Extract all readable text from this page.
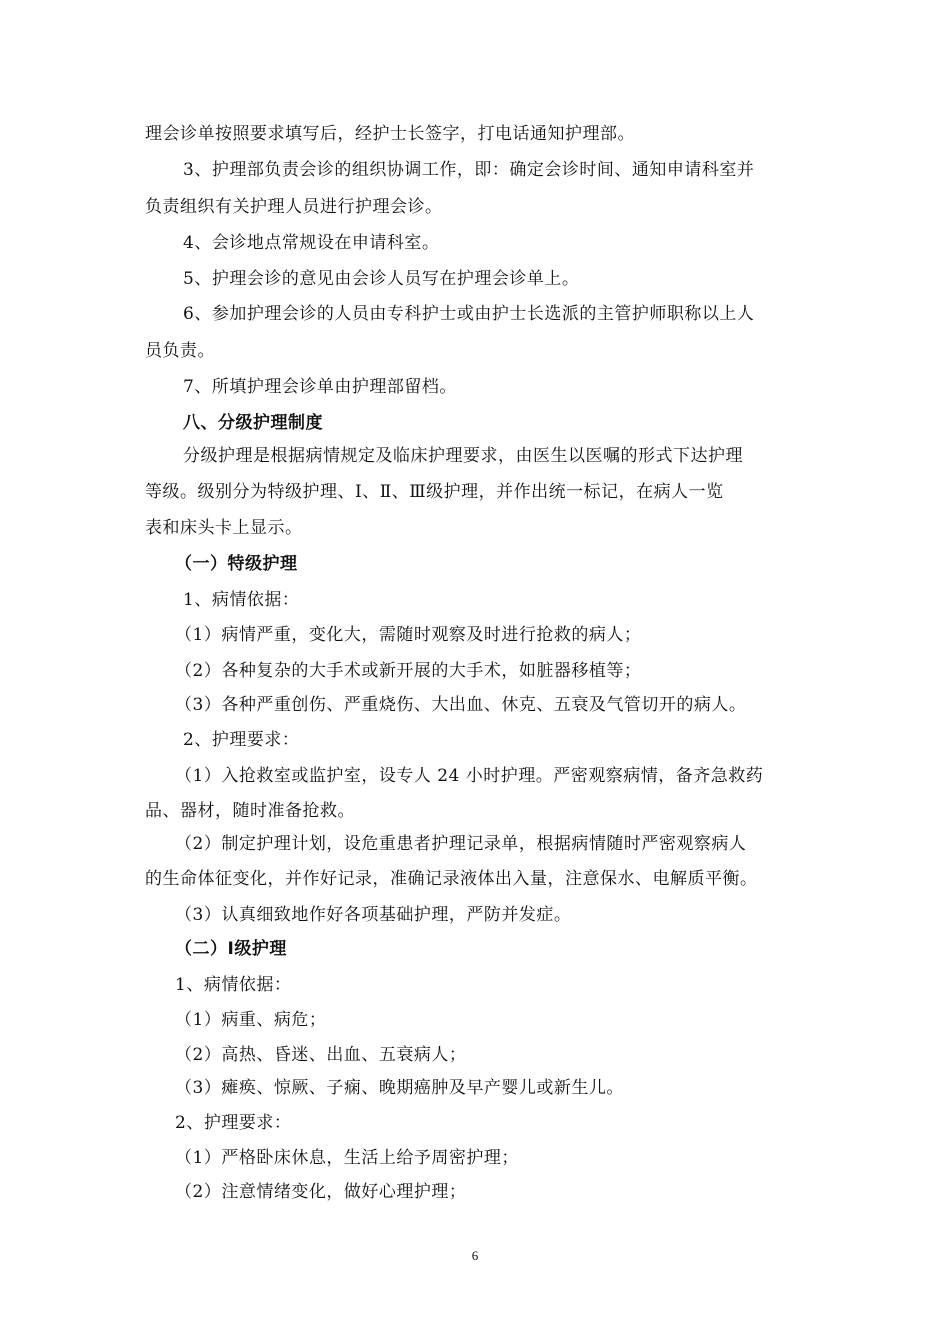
理会诊单按照要求填写后，经护士长签字，打电话通知护理部。
3、护理部负责会诊的组织协调工作，即：确定会诊时间、通知申请科室并
负责组织有关护理人员进行护理会诊。
4、会诊地点常规设在申请科室。
5、护理会诊的意见由会诊人员写在护理会诊单上。
6、参加护理会诊的人员由专科护士或由护士长选派的主管护师职称以上人
员负责。
7、所填护理会诊单由护理部留档。
八、分级护理制度
分级护理是根据病情规定及临床护理要求，由医生以医嘱的形式下达护理
等级。级别分为特级护理、Ⅰ、Ⅱ、Ⅲ级护理，并作出统一标记，在病人一览
表和床头卡上显示。
（一）特级护理
1、病情依据：
（1）病情严重，变化大，需随时观察及时进行抢救的病人；
（2）各种复杂的大手术或新开展的大手术，如脏器移植等；
（3）各种严重创伤、严重烧伤、大出血、休克、五衰及气管切开的病人。
2、护理要求：
（1）入抢救室或监护室，设专人 24 小时护理。严密观察病情，备齐急救药
品、器材，随时准备抢救。
（2）制定护理计划，设危重患者护理记录单，根据病情随时严密观察病人
的生命体征变化，并作好记录，准确记录液体出入量，注意保水、电解质平衡。
（3）认真细致地作好各项基础护理，严防并发症。
（二）Ⅰ级护理
1、病情依据：
（1）病重、病危；
（2）高热、昏迷、出血、五衰病人；
（3）瘫痪、惊厥、子痫、晚期癌肿及早产婴儿或新生儿。
2、护理要求：
（1）严格卧床休息，生活上给予周密护理；
（2）注意情绪变化，做好心理护理；
6
